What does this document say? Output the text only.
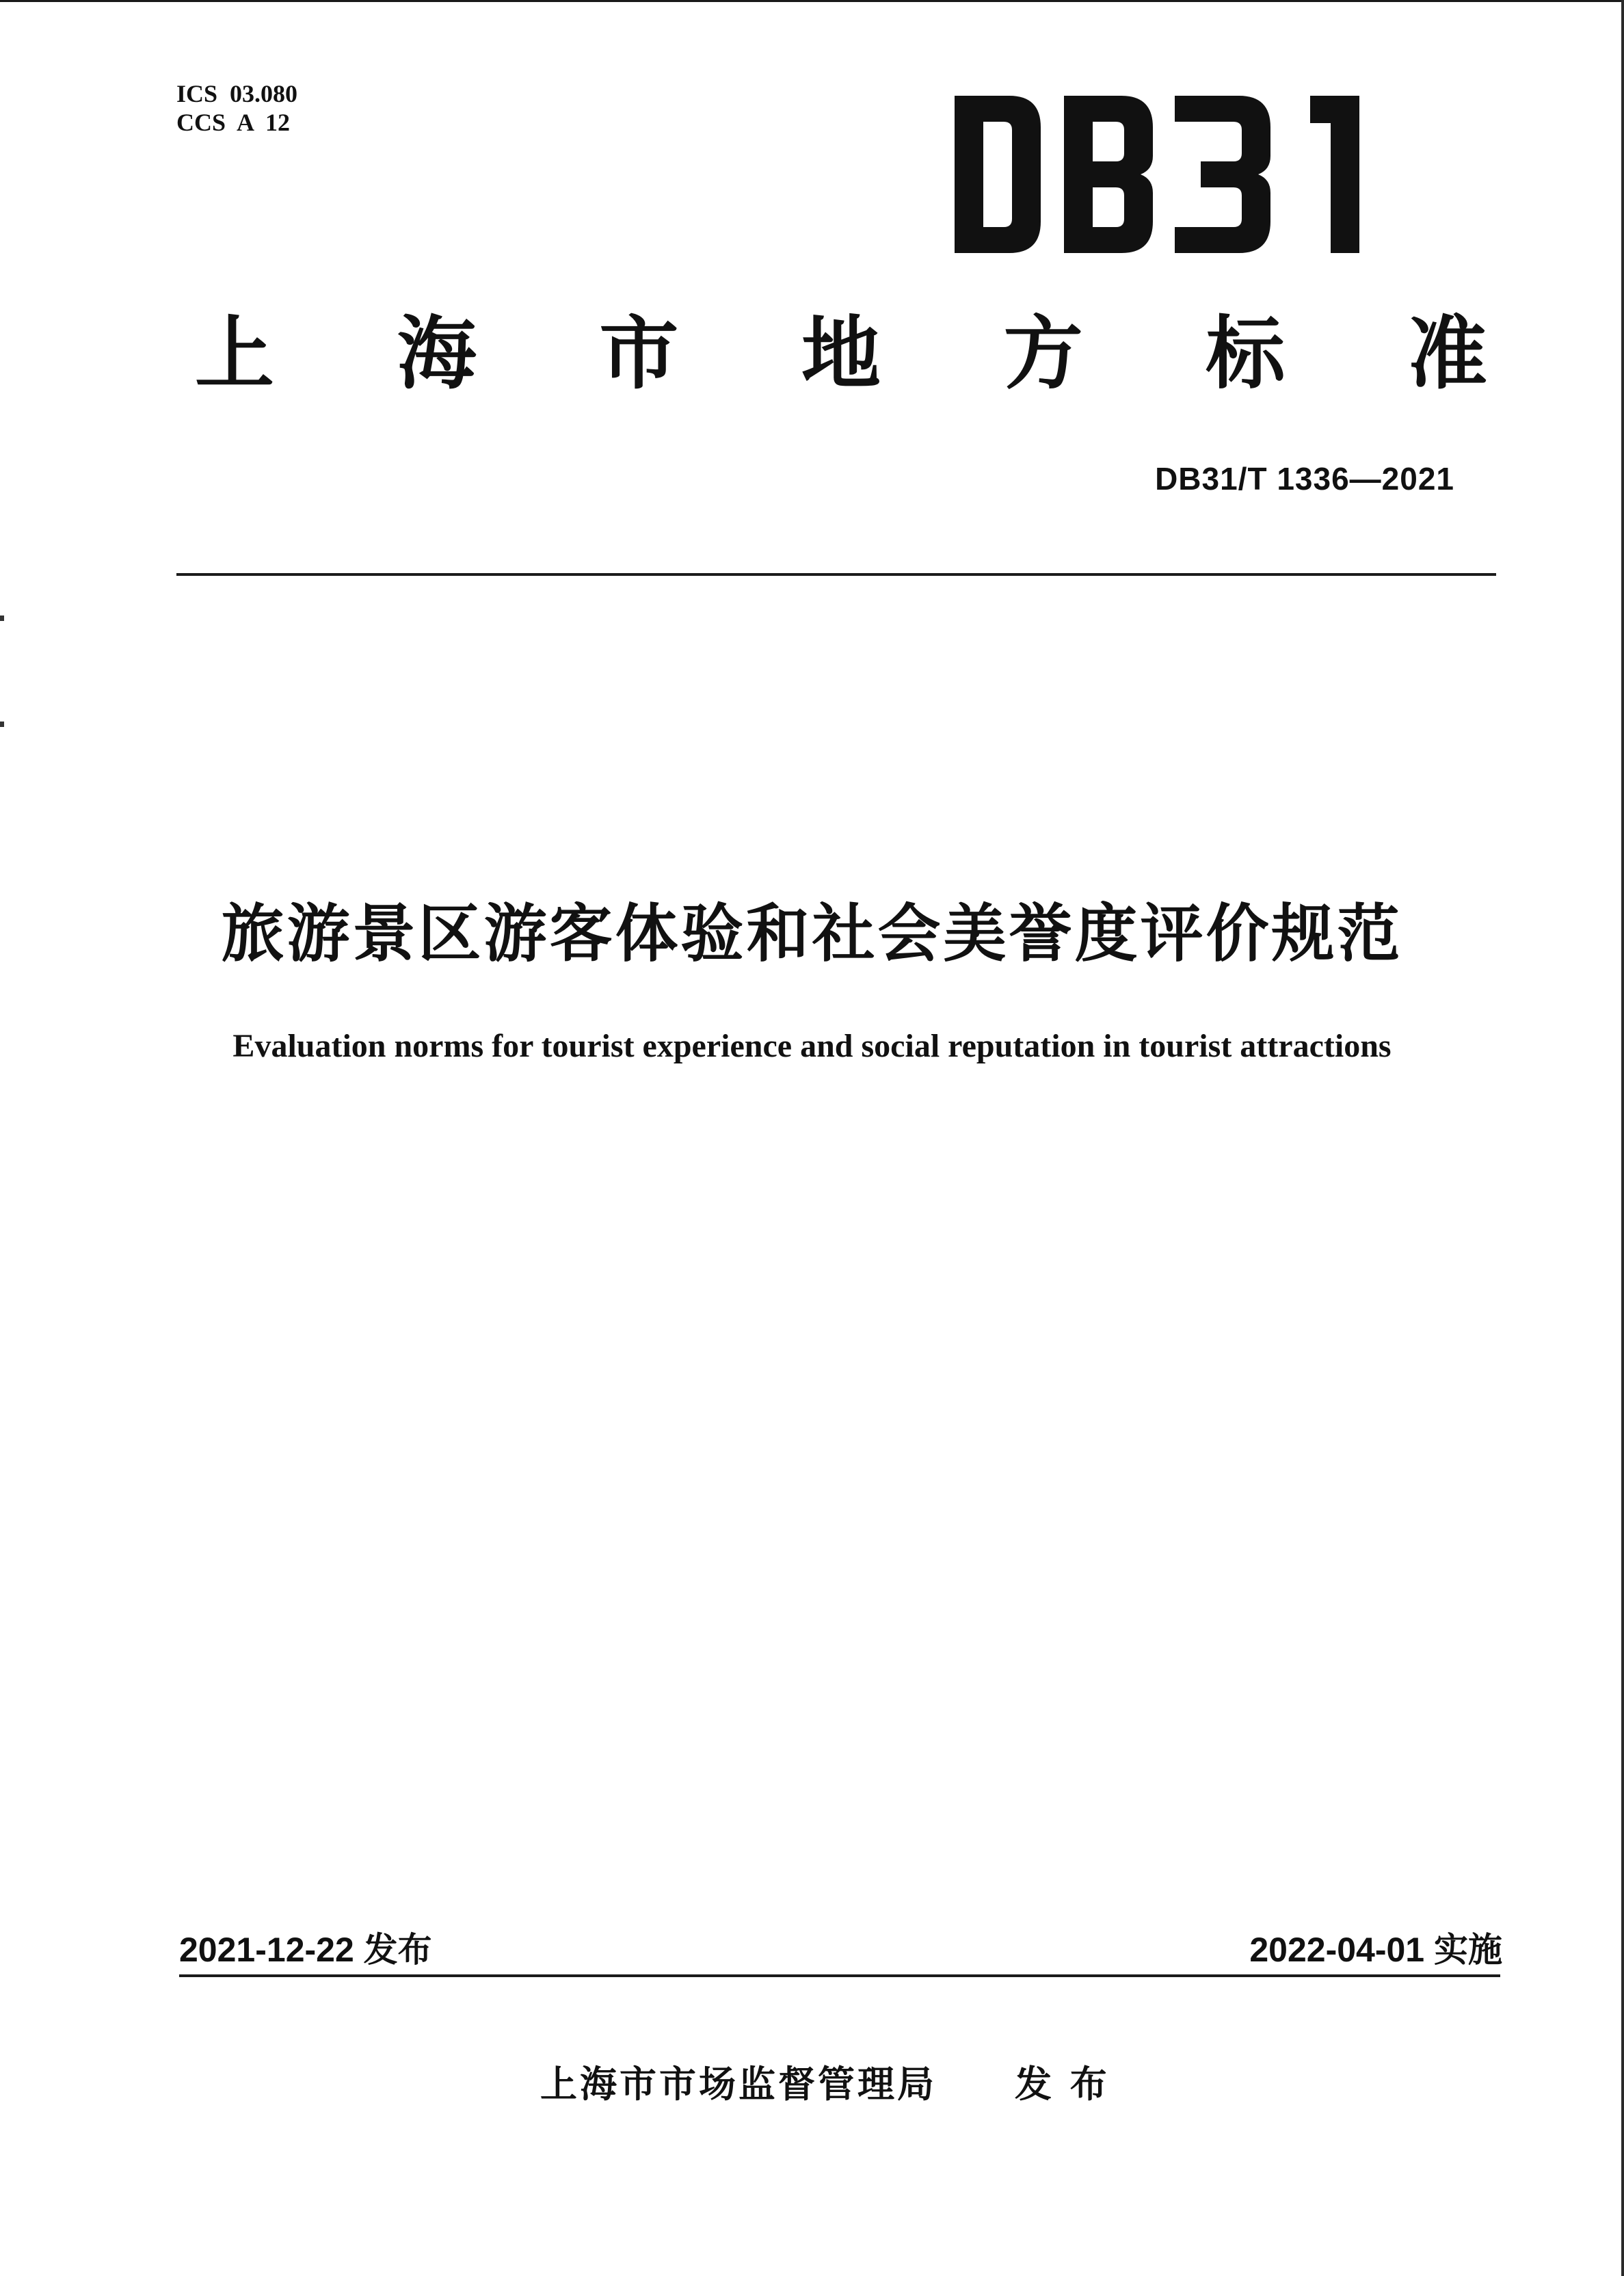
ICS  03.080
CCS  A  12
上 海 市 地 方 标 准
DB31/T 1336—2021
旅游景区游客体验和社会美誉度评价规范
Evaluation norms for tourist experience and social reputation in tourist attractions
2021-12-22 发布	2022-04-01 实施
上海市市场监督管理局     发 布
